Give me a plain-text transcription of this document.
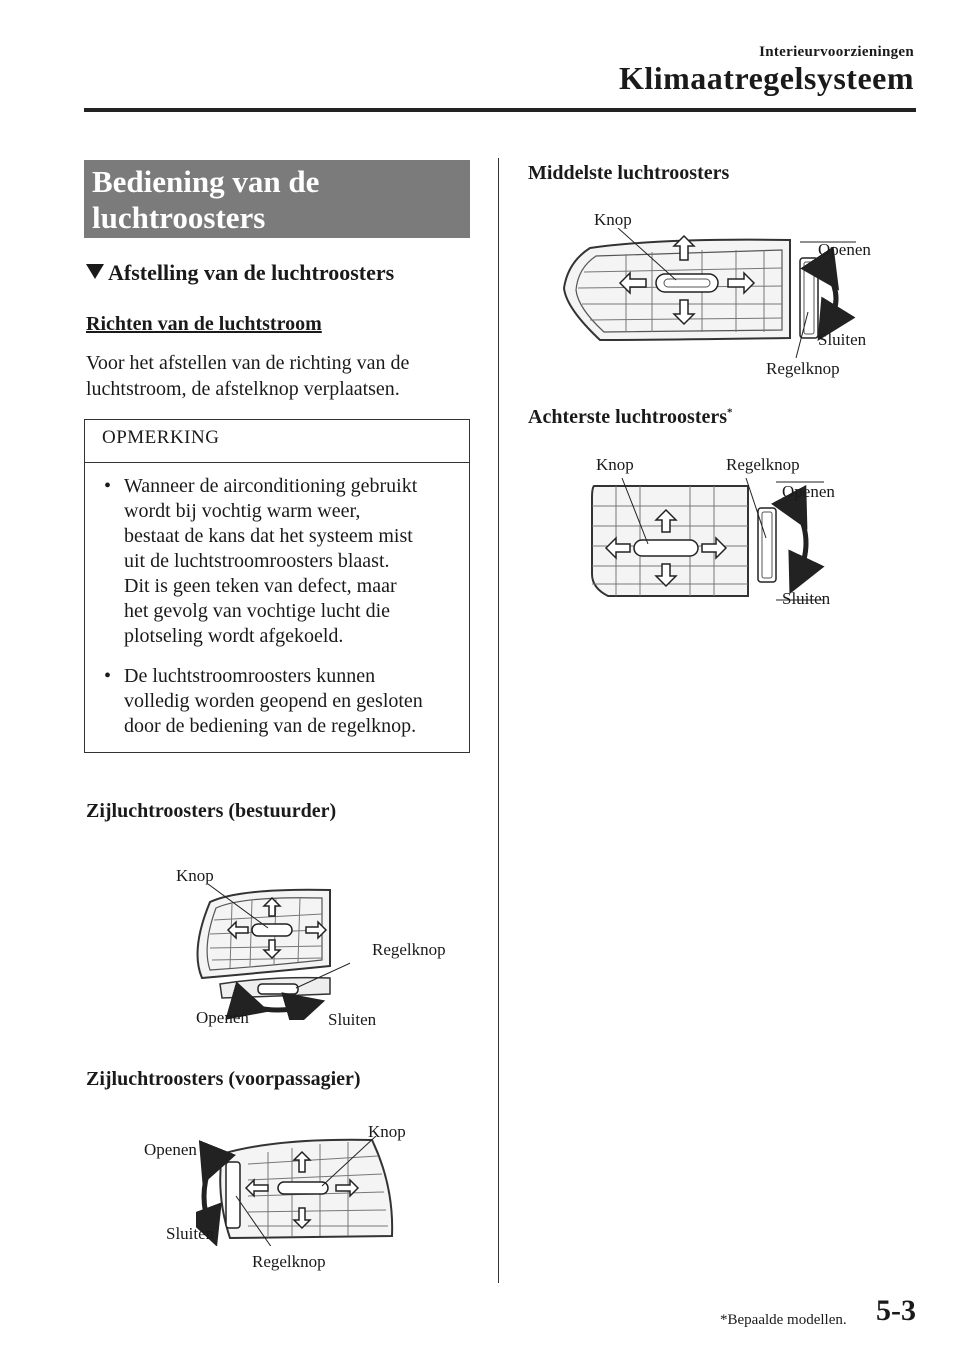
Interieurvoorzieningen
Klimaatregelsysteem
Bediening van de
luchtroosters
Afstelling van de luchtroosters
Richten van de luchtstroom
Voor het afstellen van de richting van de
luchtstroom, de afstelknop verplaatsen.
OPMERKING
• Wanneer de airconditioning gebruikt
wordt bij vochtig warm weer,
bestaat de kans dat het systeem mist
uit de luchtstroomroosters blaast.
Dit is geen teken van defect, maar
het gevolg van vochtige lucht die
plotseling wordt afgekoeld.
• De luchtstroomroosters kunnen
volledig worden geopend en gesloten
door de bediening van de regelknop.
Zijluchtroosters (bestuurder)
Knop
Regelknop
Openen	Sluiten
Zijluchtroosters (voorpassagier)
Knop
Openen
Sluiten
Regelknop
Middelste luchtroosters
Knop
Openen
Sluiten
Regelknop
Achterste luchtroosters*
Knop	Regelknop
Openen
Sluiten
*Bepaalde modellen. 5-3
